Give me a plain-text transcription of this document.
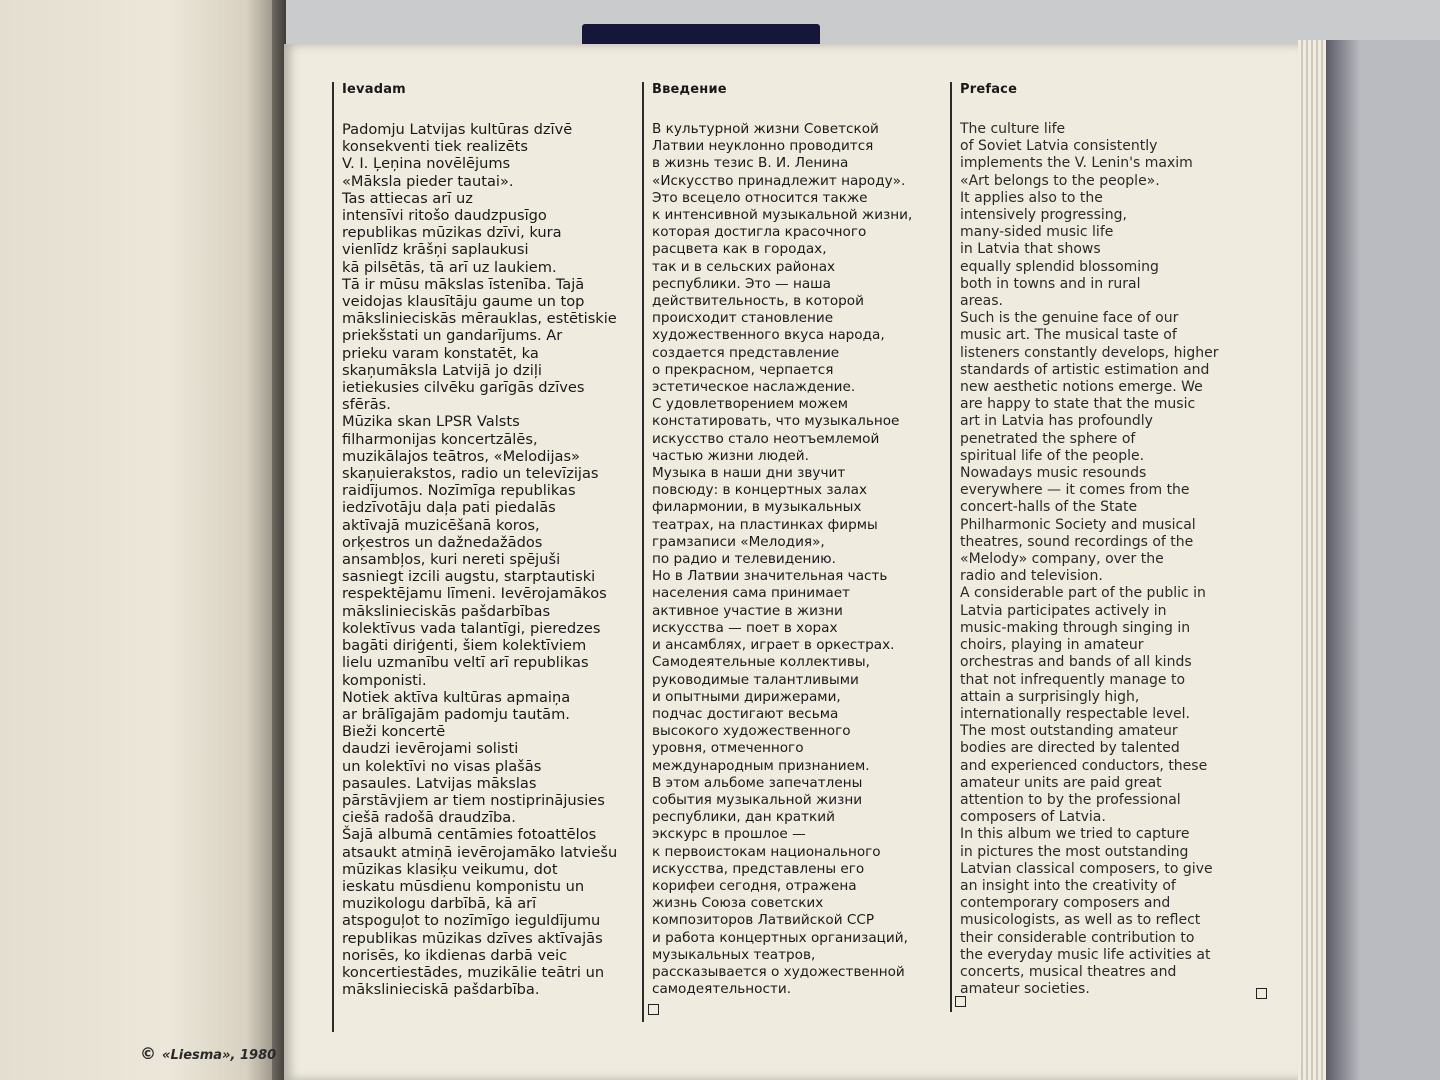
Ievadam
Padomju Latvijas kultūras dzīvē
konsekventi tiek realizēts
V. I. Ļeņina novēlējums
«Māksla pieder tautai».
Tas attiecas arī uz
intensīvi ritošo daudzpusīgo
republikas mūzikas dzīvi, kura
vienlīdz krāšņi saplaukusi
kā pilsētās, tā arī uz laukiem.
Tā ir mūsu mākslas īstenība. Tajā
veidojas klausītāju gaume un top
mākslinieciskās mērauklas, estētiskie
priekšstati un gandarījums. Ar
prieku varam konstatēt, ka
skaņumāksla Latvijā jo dziļi
ietiekusies cilvēku garīgās dzīves
sfērās.
Mūzika skan LPSR Valsts
filharmonijas koncertzālēs,
muzikālajos teātros, «Melodijas»
skaņuierakstos, radio un televīzijas
raidījumos. Nozīmīga republikas
iedzīvotāju daļa pati piedalās
aktīvajā muzicēšanā koros,
orķestros un dažnedažādos
ansambļos, kuri nereti spējuši
sasniegt izcili augstu, starptautiski
respektējamu līmeni. Ievērojamākos
mākslinieciskās pašdarbības
kolektīvus vada talantīgi, pieredzes
bagāti diriģenti, šiem kolektīviem
lielu uzmanību veltī arī republikas
komponisti.
Notiek aktīva kultūras apmaiņa
ar brālīgajām padomju tautām.
Bieži koncertē
daudzi ievērojami solisti
un kolektīvi no visas plašās
pasaules. Latvijas mākslas
pārstāvjiem ar tiem nostiprinājusies
ciešā radošā draudzība.
Šajā albumā centāmies fotoattēlos
atsaukt atmiņā ievērojamāko latviešu
mūzikas klasiķu veikumu, dot
ieskatu mūsdienu komponistu un
muzikologu darbībā, kā arī
atspoguļot to nozīmīgo ieguldījumu
republikas mūzikas dzīves aktīvajās
norisēs, ko ikdienas darbā veic
koncertiestādes, muzikālie teātri un
mākslinieciskā pašdarbība.
Введение
В культурной жизни Советской
Латвии неуклонно проводится
в жизнь тезис В. И. Ленина
«Искусство принадлежит народу».
Это всецело относится также
к интенсивной музыкальной жизни,
которая достигла красочного
расцвета как в городах,
так и в сельских районах
республики. Это — наша
действительность, в которой
происходит становление
художественного вкуса народа,
создается представление
о прекрасном, черпается
эстетическое наслаждение.
С удовлетворением можем
констатировать, что музыкальное
искусство стало неотъемлемой
частью жизни людей.
Музыка в наши дни звучит
повсюду: в концертных залах
филармонии, в музыкальных
театрах, на пластинках фирмы
грамзаписи «Мелодия»,
по радио и телевидению.
Но в Латвии значительная часть
населения сама принимает
активное участие в жизни
искусства — поет в хорах
и ансамблях, играет в оркестрах.
Самодеятельные коллективы,
руководимые талантливыми
и опытными дирижерами,
подчас достигают весьма
высокого художественного
уровня, отмеченного
международным признанием.
В этом альбоме запечатлены
события музыкальной жизни
республики, дан краткий
экскурс в прошлое —
к первоистокам национального
искусства, представлены его
корифеи сегодня, отражена
жизнь Союза советских
композиторов Латвийской ССР
и работа концертных организаций,
музыкальных театров,
рассказывается о художественной
самодеятельности.
Preface
The culture life
of Soviet Latvia consistently
implements the V. Lenin's maxim
«Art belongs to the people».
It applies also to the
intensively progressing,
many-sided music life
in Latvia that shows
equally splendid blossoming
both in towns and in rural
areas.
Such is the genuine face of our
music art. The musical taste of
listeners constantly develops, higher
standards of artistic estimation and
new aesthetic notions emerge. We
are happy to state that the music
art in Latvia has profoundly
penetrated the sphere of
spiritual life of the people.
Nowadays music resounds
everywhere — it comes from the
concert-halls of the State
Philharmonic Society and musical
theatres, sound recordings of the
«Melody» company, over the
radio and television.
A considerable part of the public in
Latvia participates actively in
music-making through singing in
choirs, playing in amateur
orchestras and bands of all kinds
that not infrequently manage to
attain a surprisingly high,
internationally respectable level.
The most outstanding amateur
bodies are directed by talented
and experienced conductors, these
amateur units are paid great
attention to by the professional
composers of Latvia.
In this album we tried to capture
in pictures the most outstanding
Latvian classical composers, to give
an insight into the creativity of
contemporary composers and
musicologists, as well as to reflect
their considerable contribution to
the everyday music life activities at
concerts, musical theatres and
amateur societies.
© «Liesma», 1980
